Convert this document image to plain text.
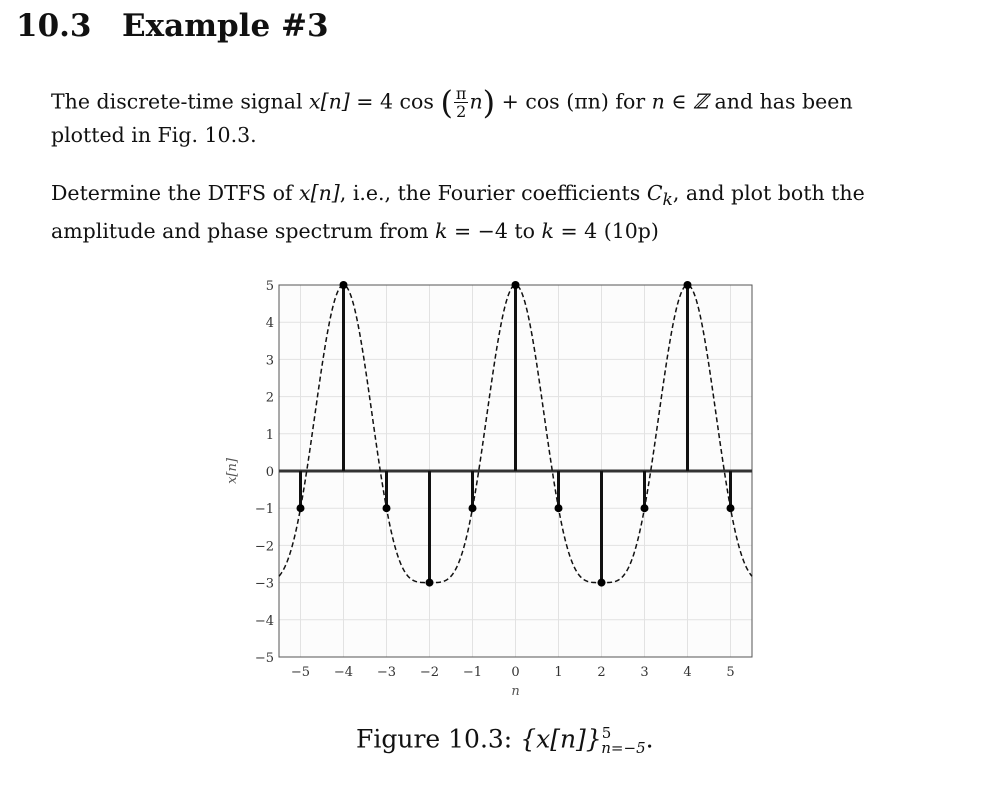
10.3 Example #3
The discrete-time signal x[n] = 4 cos ( $\frac{\pi}{2} n) + \cos (\pi n)$ for n ∈ ℤ and has been plotted in Fig. 10.3.
Determine the DTFS of x[n], i.e., the Fourier coefficients $C_k$, and plot both the amplitude and phase spectrum from k = −4 to k = 4 (10p)
−5 −4 −3 −2 −1 0	1	2	3	4	5
5
4
3
2
1
0
−1
−2
−3
−4
−5
n
x[n]
Figure 10.3: $\{x[n]\}^5_{n=-5}$.
